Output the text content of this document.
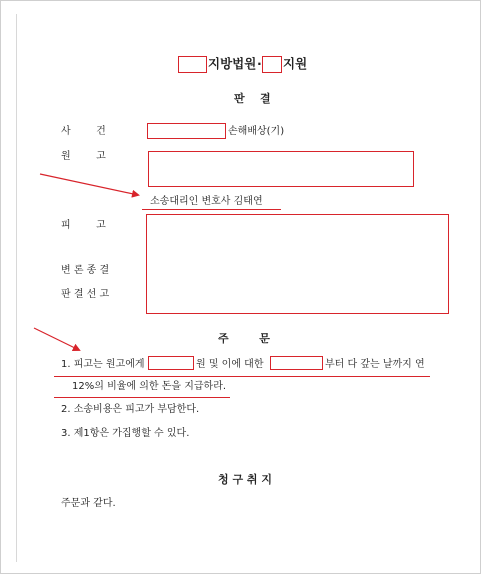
지방법원 · 지원
판    결
사        건	손해배상(기)
원        고
소송대리인 변호사 김태연
피        고
변 론 종 결
판 결 선 고
주        문
1. 피고는 원고에게	원 및 이에 대한	부터 다 갚는 날까지 연
12%의 비율에 의한 돈을 지급하라.
2. 소송비용은 피고가 부담한다.
3. 제1항은 가집행할 수 있다.
청 구 취 지
주문과 같다.
